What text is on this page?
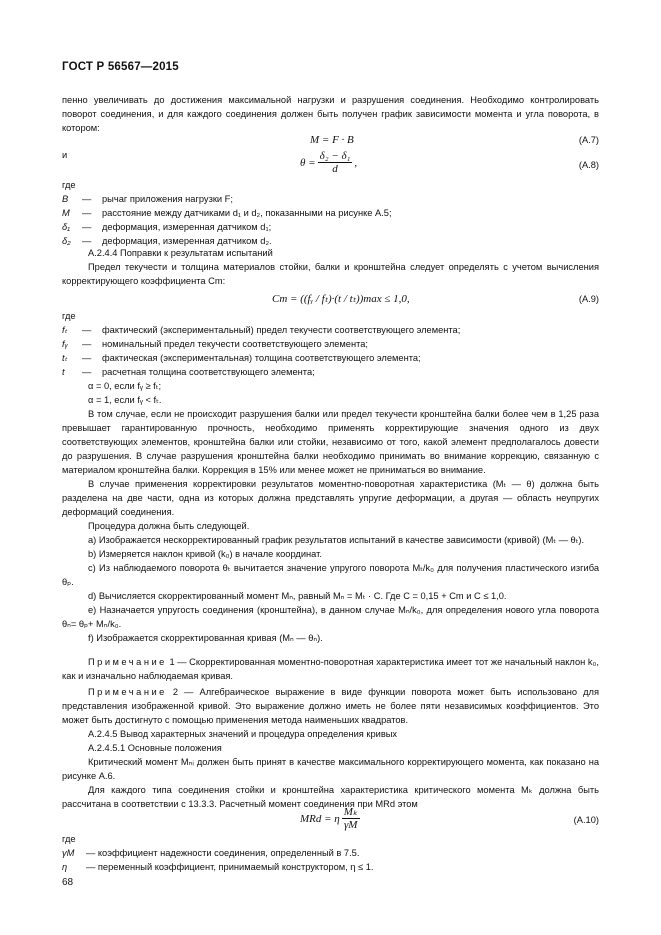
ГОСТ Р 56567—2015
пенно увеличивать до достижения максимальной нагрузки и разрушения соединения. Необходимо контролировать поворот соединения, и для каждого соединения должен быть получен график зависимости момента и угла поворота, в котором:
M = F · B	(А.7)
и
$\theta = \frac{\text{δ₂ − δ₁}}{d}$ ,	(А.8)
где
B	—	рычаг приложения нагрузки F;
M	—	расстояние между датчиками d₁ и d₂, показанными на рисунке А.5;
δ₁	—	деформация, измеренная датчиком d₁;
δ₂	—	деформация, измеренная датчиком d₂.
А.2.4.4 Поправки к результатам испытаний
Предел текучести и толщина материалов стойки, балки и кронштейна следует определять с учетом вычисления корректирующего коэффициента Cm:
Cm = ((fᵧ / fₜ)·(t / tₜ))max ≤ 1,0,	(А.9)
где
fₜ	—	фактический (экспериментальный) предел текучести соответствующего элемента;
fᵧ	—	номинальный предел текучести соответствующего элемента;
tₜ	—	фактическая (экспериментальная) толщина соответствующего элемента;
t	—	расчетная толщина соответствующего элемента;
α = 0, если fᵧ ≥ fₜ;
α = 1, если fᵧ < fₜ.
В том случае, если не происходит разрушения балки или предел текучести кронштейна балки более чем в 1,25 раза превышает гарантированную прочность, необходимо применять корректирующие значения одного из двух соответствующих элементов, кронштейна балки или стойки, независимо от того, какой элемент предполагалось довести до разрушения. В случае разрушения кронштейна балки необходимо принимать во внимание коррекцию, связанную с материалом кронштейна балки. Коррекция в 15% или менее может не приниматься во внимание.
В случае применения корректировки результатов моментно-поворотная характеристика (Mₜ — θ) должна быть разделена на две части, одна из которых должна представлять упругие деформации, а другая — область неупругих деформаций соединения.
Процедура должна быть следующей.
a) Изображается нескорректированный график результатов испытаний в качестве зависимости (кривой) (Mₜ — θₜ).
b) Измеряется наклон кривой (k₀) в начале координат.
c) Из наблюдаемого поворота θₜ вычитается значение упругого поворота Mₜ/k₀ для получения пластического изгиба θₚ.
d) Вычисляется скорректированный момент Mₙ, равный Mₙ = Mₜ · C. Где C = 0,15 + Cm и C ≤ 1,0.
e) Назначается упругость соединения (кронштейна), в данном случае Mₙ/k₀, для определения нового угла поворота θₙ= θₚ+ Mₙ/k₀.
f) Изображается скорректированная кривая (Mₙ — θₙ).
Примечание 1 — Скорректированная моментно-поворотная характеристика имеет тот же начальный наклон k₀, как и изначально наблюдаемая кривая.
Примечание 2 — Алгебраическое выражение в виде функции поворота может быть использовано для представления изображенной кривой. Это выражение должно иметь не более пяти независимых коэффициентов. Это может быть достигнуто с помощью применения метода наименьших квадратов.
А.2.4.5 Вывод характерных значений и процедура определения кривых
А.2.4.5.1 Основные положения
Критический момент Mₙᵢ должен быть принят в качестве максимального корректирующего момента, как показано на рисунке А.6.
Для каждого типа соединения стойки и кронштейна характеристика критического момента Mₖ должна быть рассчитана в соответствии с 13.3.3. Расчетный момент соединения при MRd этом
MRd = η $\frac{\text{Mₖ}}{\gamma M}$	(А.10)
где
γM	— коэффициент надежности соединения, определенный в 7.5.
η	— переменный коэффициент, принимаемый конструктором, η ≤ 1.
68
